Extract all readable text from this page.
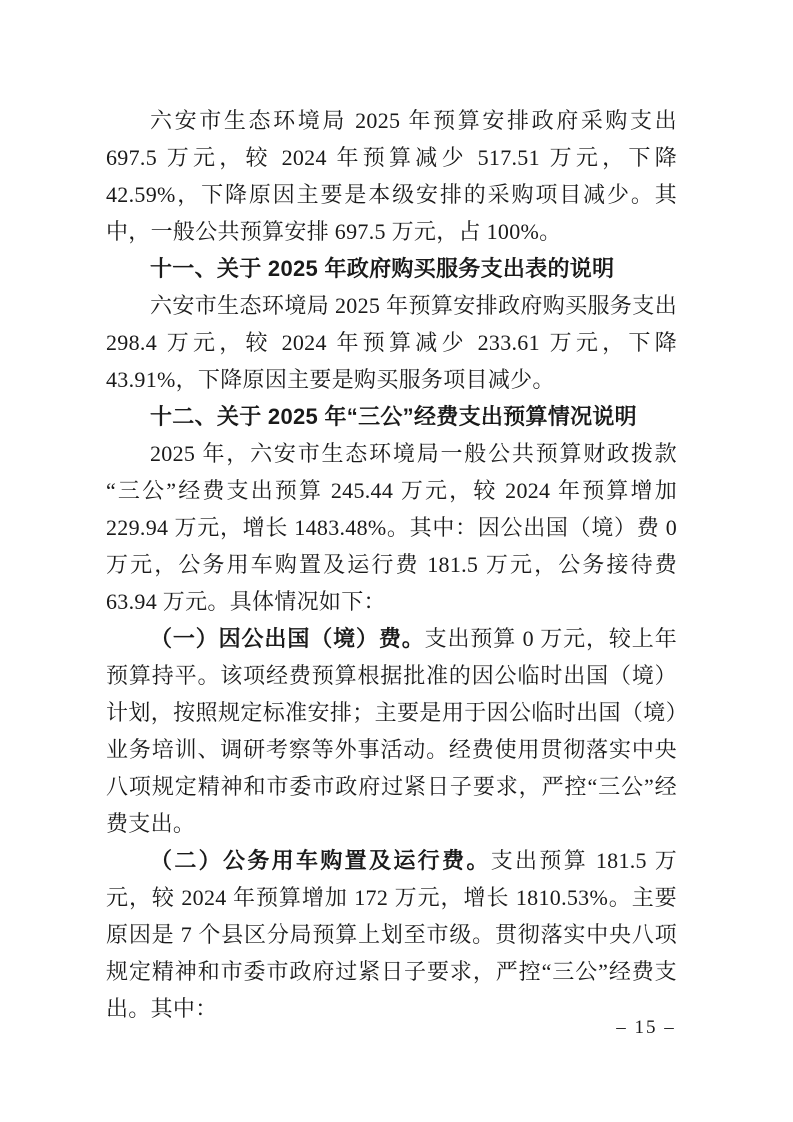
六安市生态环境局 2025 年预算安排政府采购支出 697.5 万元，较 2024 年预算减少 517.51 万元，下降 42.59%，下降原因主要是本级安排的采购项目减少。其中，一般公共预算安排 697.5 万元，占 100%。

十一、关于 2025 年政府购买服务支出表的说明

六安市生态环境局 2025 年预算安排政府购买服务支出 298.4 万元，较 2024 年预算减少 233.61 万元，下降 43.91%，下降原因主要是购买服务项目减少。

十二、关于 2025 年“三公”经费支出预算情况说明

2025 年，六安市生态环境局一般公共预算财政拨款“三公”经费支出预算 245.44 万元，较 2024 年预算增加 229.94 万元，增长 1483.48%。其中：因公出国（境）费 0 万元，公务用车购置及运行费 181.5 万元，公务接待费 63.94 万元。具体情况如下：

（一）因公出国（境）费。支出预算 0 万元，较上年预算持平。该项经费预算根据批准的因公临时出国（境）计划，按照规定标准安排；主要是用于因公临时出国（境）业务培训、调研考察等外事活动。经费使用贯彻落实中央八项规定精神和市委市政府过紧日子要求，严控“三公”经费支出。

（二）公务用车购置及运行费。支出预算 181.5 万元，较 2024 年预算增加 172 万元，增长 1810.53%。主要原因是 7 个县区分局预算上划至市级。贯彻落实中央八项规定精神和市委市政府过紧日子要求，严控“三公”经费支出。其中：

– 15 –
